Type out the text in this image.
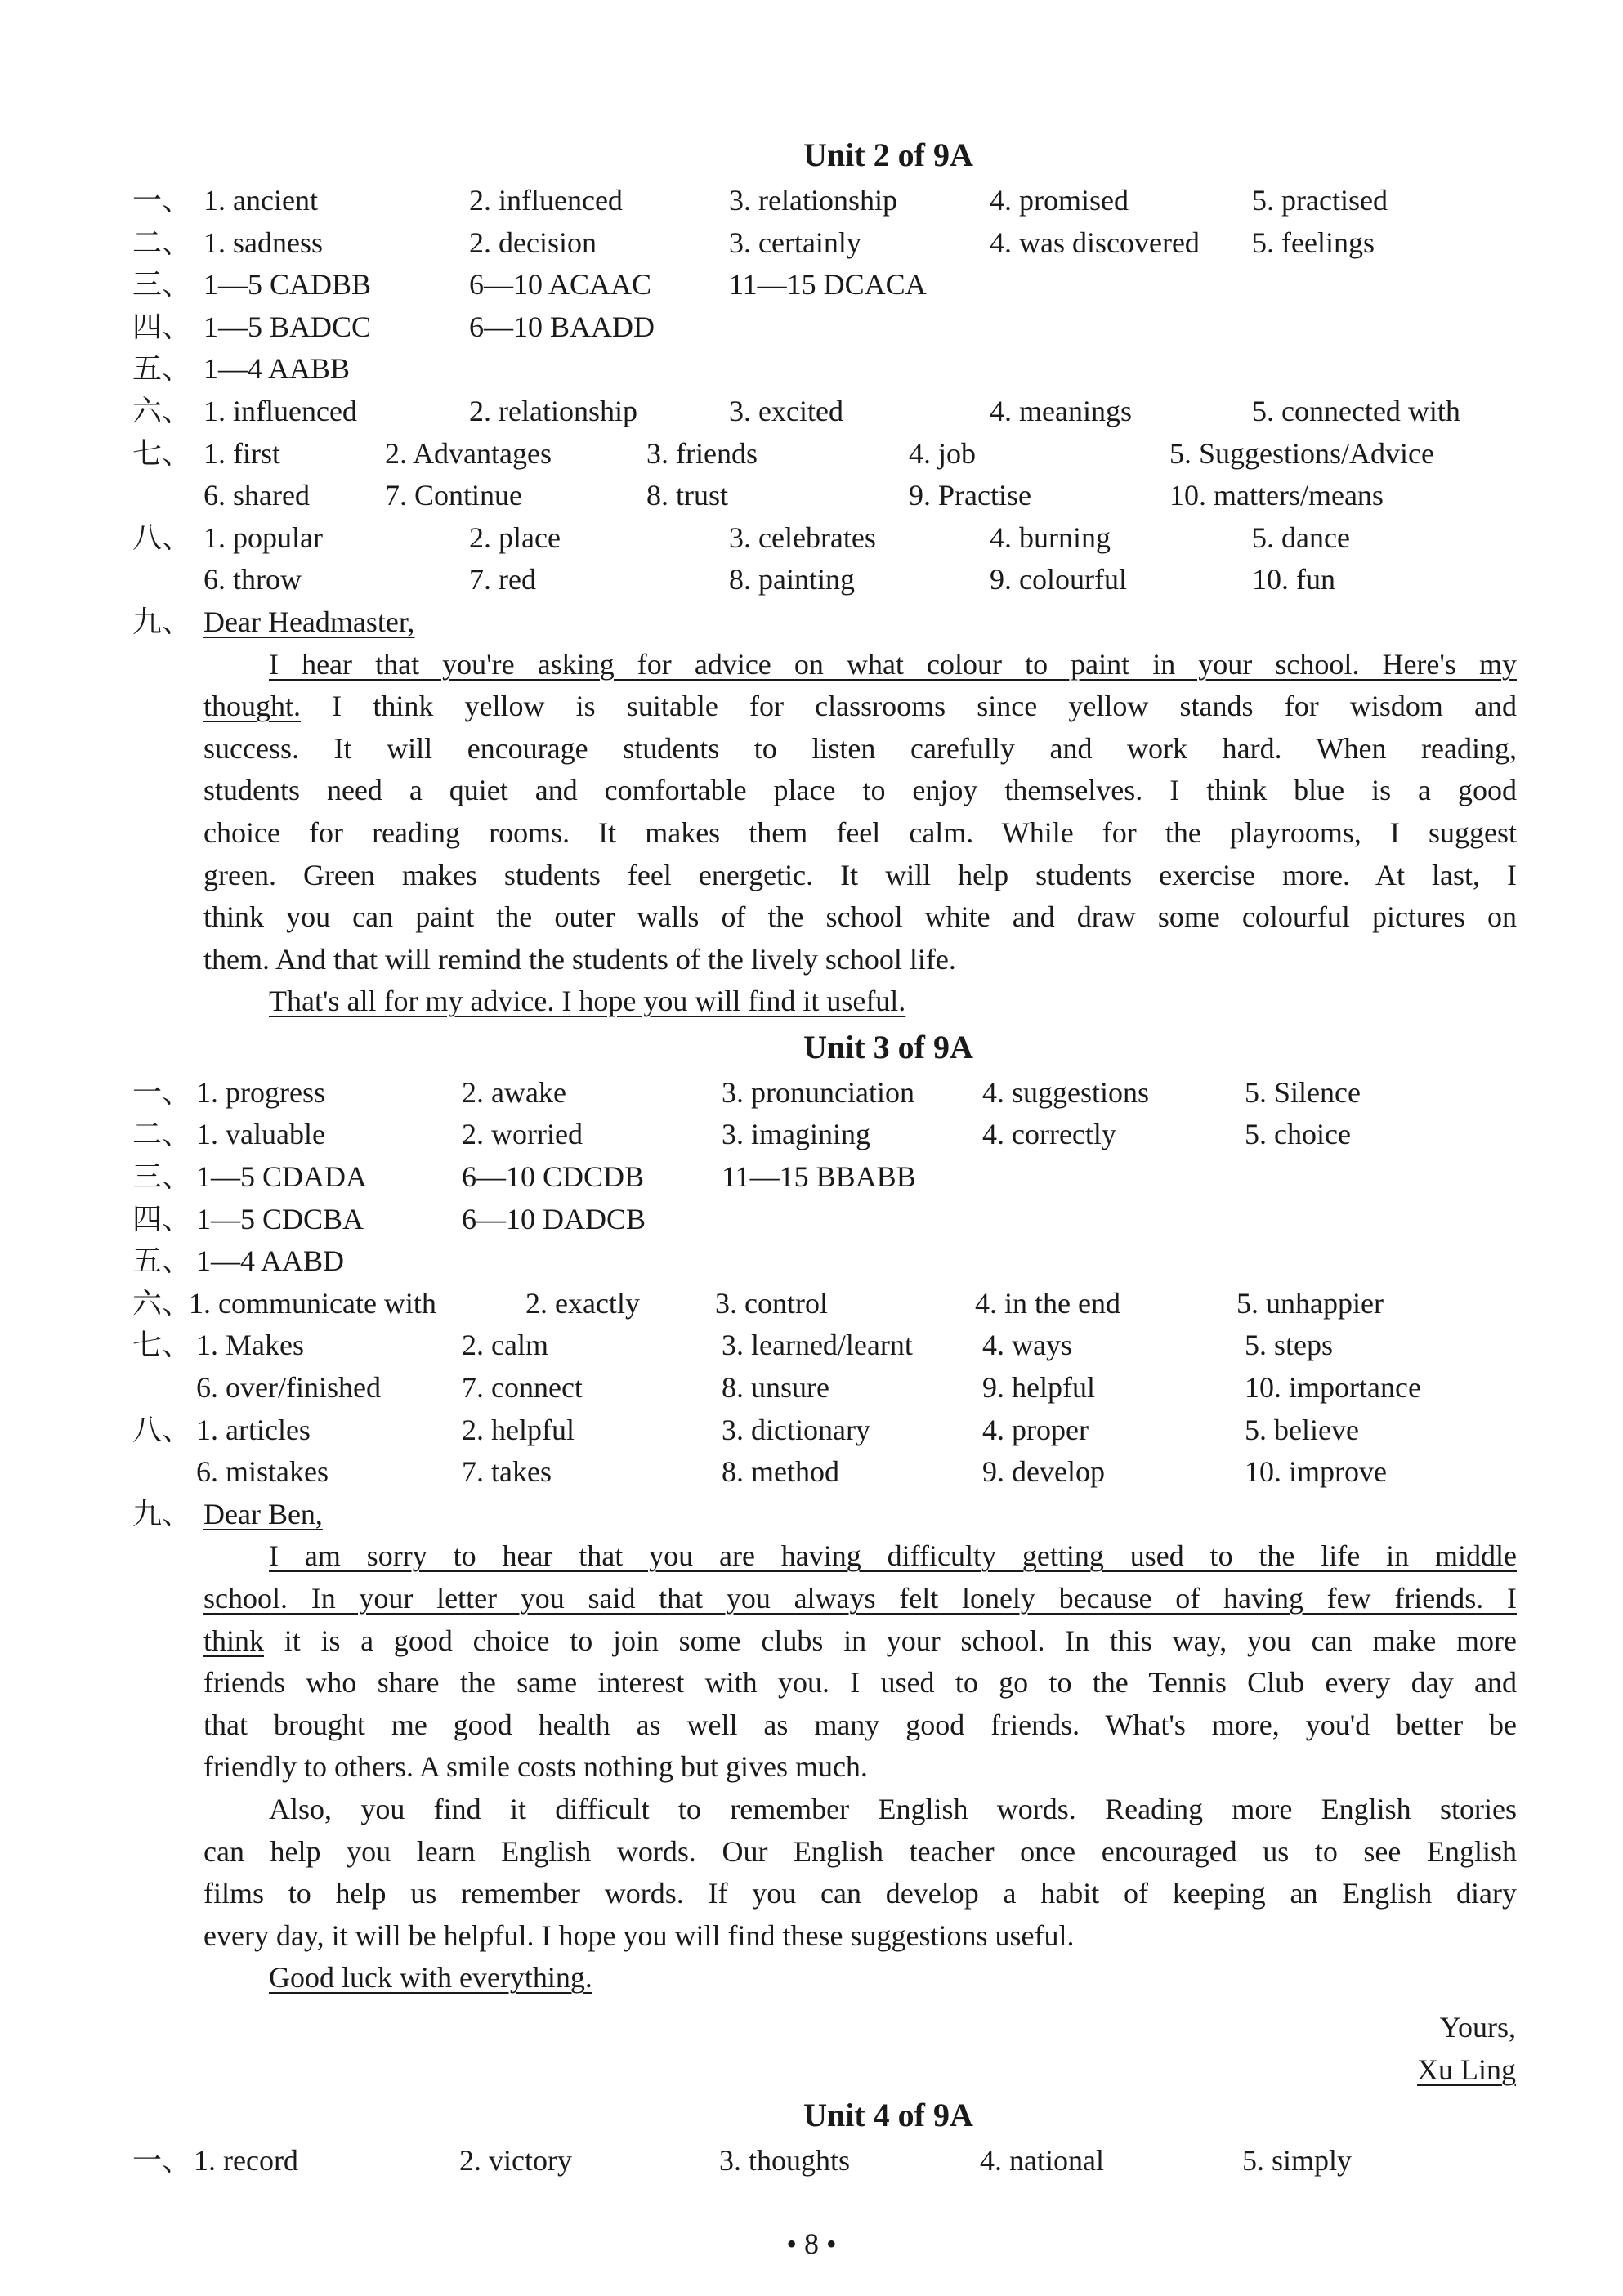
Unit 2 of 9A
一、 1. ancient	2. influenced	3. relationship	4. promised	5. practised
二、 1. sadness	2. decision	3. certainly	4. was discovered 5. feelings
三、 1—5 CADBB	6—10 ACAAC	11—15 DCACA
四、 1—5 BADCC	6—10 BAADD
五、 1—4 AABB
六、 1. influenced	2. relationship	3. excited	4. meanings	5. connected with
七、 1. first	2. Advantages	3. friends	4. job	5. Suggestions/Advice
6. shared	7. Continue	8. trust	9. Practise	10. matters/means
八、 1. popular	2. place	3. celebrates	4. burning	5. dance
6. throw	7. red	8. painting	9. colourful	10. fun
九、 Dear Headmaster,
I hear that you're asking for advice on what colour to paint in your school. Here's my
thought. I think yellow is suitable for classrooms since yellow stands for wisdom and
success. It will encourage students to listen carefully and work hard. When reading,
students need a quiet and comfortable place to enjoy themselves. I think blue is a good
choice for reading rooms. It makes them feel calm. While for the playrooms, I suggest
green. Green makes students feel energetic. It will help students exercise more. At last, I
think you can paint the outer walls of the school white and draw some colourful pictures on
them. And that will remind the students of the lively school life.
That's all for my advice. I hope you will find it useful.
Unit 3 of 9A
一、 1. progress	2. awake	3. pronunciation 4. suggestions	5. Silence
二、 1. valuable	2. worried	3. imagining	4. correctly	5. choice
三、 1—5 CDADA	6—10 CDCDB	11—15 BBABB
四、 1—5 CDCBA	6—10 DADCB
五、 1—4 AABD
六、
1. communicate with	2. exactly	3. control	4. in the end	5. unhappier
七、 1. Makes	2. calm	3. learned/learnt 4. ways	5. steps
6. over/finished	7. connect	8. unsure	9. helpful	10. importance
八、 1. articles	2. helpful	3. dictionary	4. proper	5. believe
6. mistakes	7. takes	8. method	9. develop	10. improve
九、 Dear Ben,
I am sorry to hear that you are having difficulty getting used to the life in middle
school. In your letter you said that you always felt lonely because of having few friends. I
think it is a good choice to join some clubs in your school. In this way, you can make more
friends who share the same interest with you. I used to go to the Tennis Club every day and
that brought me good health as well as many good friends. What's more, you'd better be
friendly to others. A smile costs nothing but gives much.
Also, you find it difficult to remember English words. Reading more English stories
can help you learn English words. Our English teacher once encouraged us to see English
films to help us remember words. If you can develop a habit of keeping an English diary
every day, it will be helpful. I hope you will find these suggestions useful.
Good luck with everything.
Yours,
Xu Ling
Unit 4 of 9A
一、 1. record	2. victory	3. thoughts	4. national	5. simply
• 8 •
